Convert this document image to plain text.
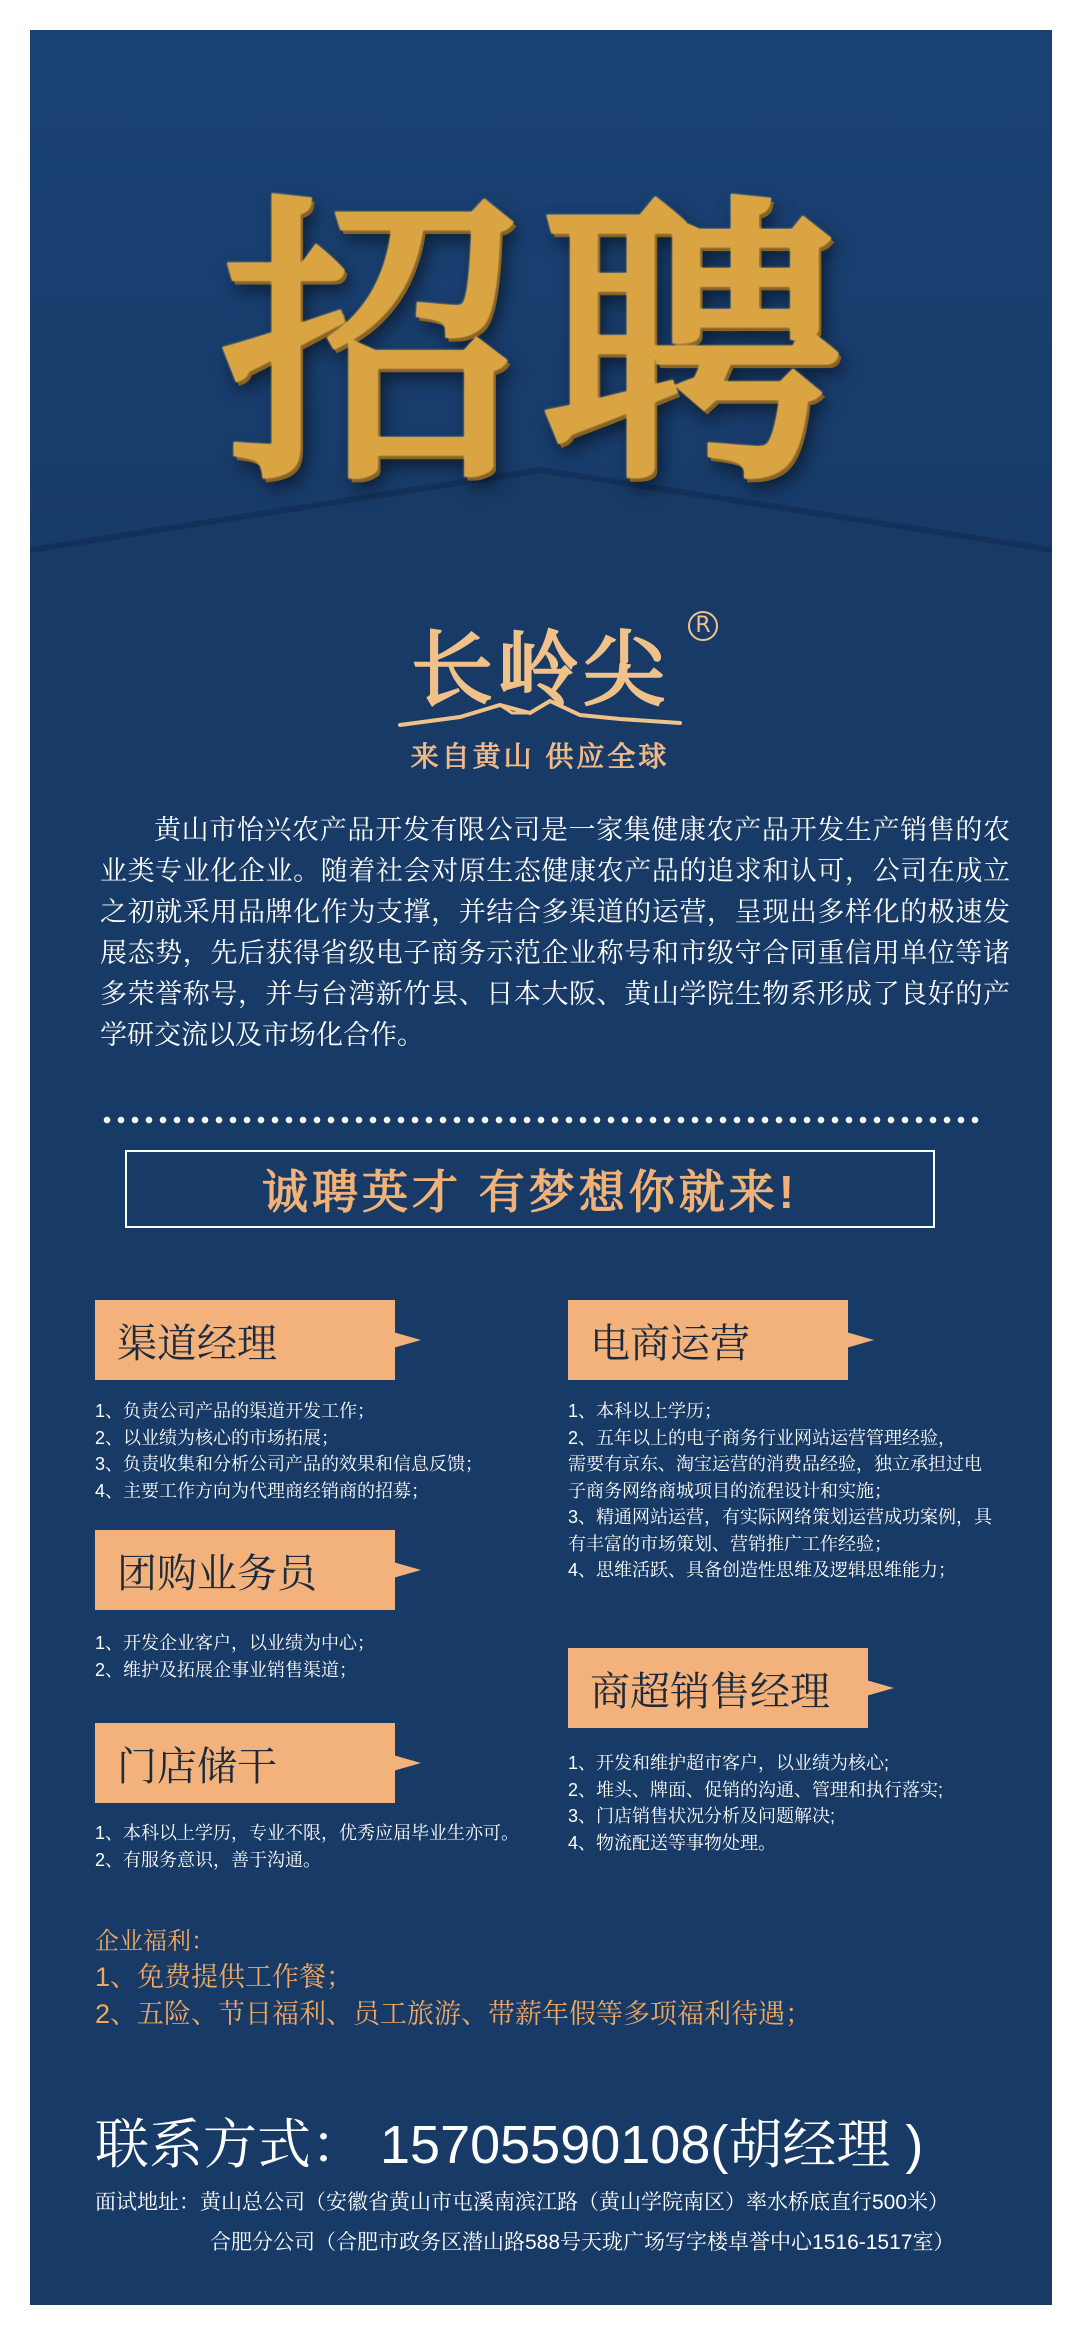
招聘
长岭尖	R
来自黄山 供应全球
黄山市怡兴农产品开发有限公司是一家集健康农产品开发生产销售的农业类专业化企业。随着社会对原生态健康农产品的追求和认可，公司在成立之初就采用品牌化作为支撑，并结合多渠道的运营，呈现出多样化的极速发展态势，先后获得省级电子商务示范企业称号和市级守合同重信用单位等诸多荣誉称号，并与台湾新竹县、日本大阪、黄山学院生物系形成了良好的产学研交流以及市场化合作。
诚聘英才 有梦想你就来!
渠道经理
1、负责公司产品的渠道开发工作；
2、以业绩为核心的市场拓展；
3、负责收集和分析公司产品的效果和信息反馈；
4、主要工作方向为代理商经销商的招募；
团购业务员
1、开发企业客户，以业绩为中心；
2、维护及拓展企事业销售渠道；
门店储干
1、本科以上学历，专业不限，优秀应届毕业生亦可。
2、有服务意识，善于沟通。
电商运营
1、本科以上学历；
2、五年以上的电子商务行业网站运营管理经验，
需要有京东、淘宝运营的消费品经验，独立承担过电
子商务网络商城项目的流程设计和实施；
3、精通网站运营，有实际网络策划运营成功案例，具
有丰富的市场策划、营销推广工作经验；
4、思维活跃、具备创造性思维及逻辑思维能力；
商超销售经理
1、开发和维护超市客户，以业绩为核心;
2、堆头、牌面、促销的沟通、管理和执行落实;
3、门店销售状况分析及问题解决;
4、物流配送等事物处理。
企业福利：
1、免费提供工作餐；
2、五险、节日福利、员工旅游、带薪年假等多项福利待遇；
联系方式： 15705590108(胡经理 )
面试地址：黄山总公司（安徽省黄山市屯溪南滨江路（黄山学院南区）率水桥底直行500米）
合肥分公司（合肥市政务区潜山路588号天珑广场写字楼卓誉中心1516-1517室）
